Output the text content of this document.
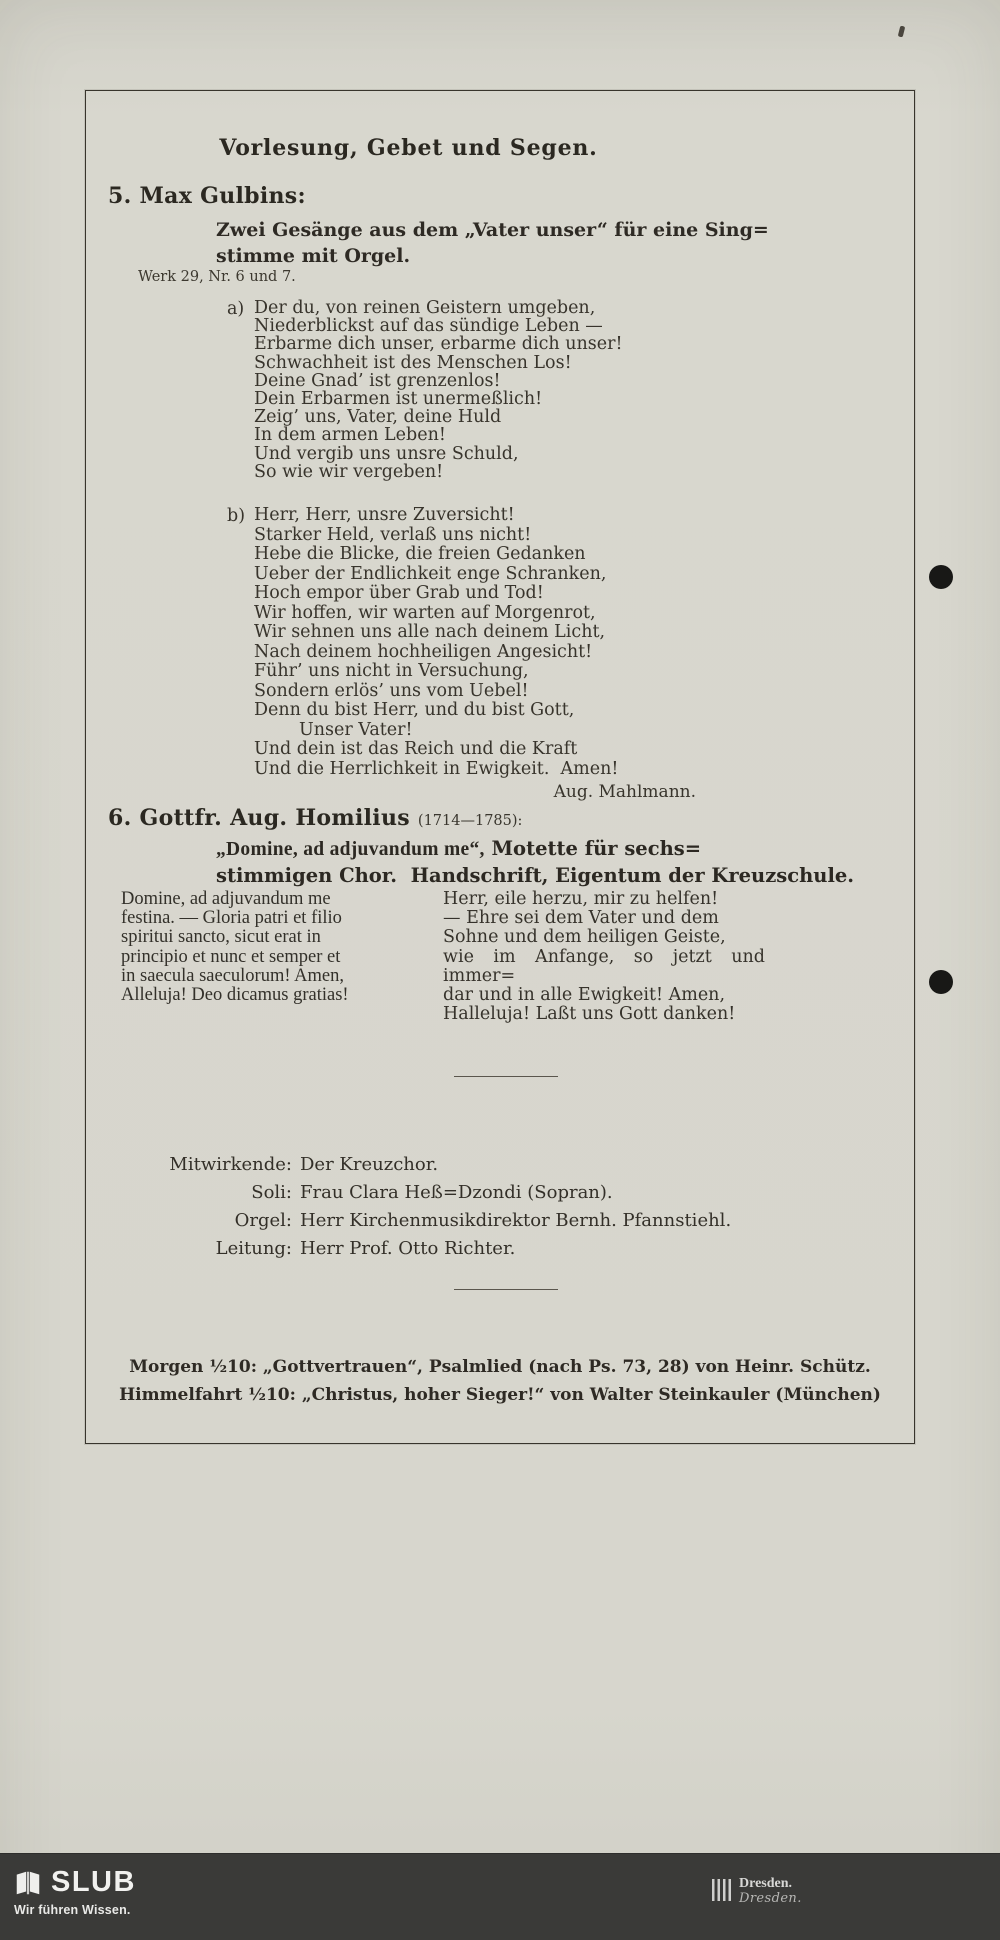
Vorlesung, Gebet und Segen.
5. Max Gulbins:
Zwei Gesänge aus dem „Vater unser“ für eine Sing=
stimme mit Orgel.
Werk 29, Nr. 6 und 7.
a) Der du, von reinen Geistern umgeben,
Niederblickst auf das sündige Leben —
Erbarme dich unser, erbarme dich unser!
Schwachheit ist des Menschen Los!
Deine Gnad’ ist grenzenlos!
Dein Erbarmen ist unermeßlich!
Zeig’ uns, Vater, deine Huld
In dem armen Leben!
Und vergib uns unsre Schuld,
So wie wir vergeben!
b) Herr, Herr, unsre Zuversicht!
Starker Held, verlaß uns nicht!
Hebe die Blicke, die freien Gedanken
Ueber der Endlichkeit enge Schranken,
Hoch empor über Grab und Tod!
Wir hoffen, wir warten auf Morgenrot,
Wir sehnen uns alle nach deinem Licht,
Nach deinem hochheiligen Angesicht!
Führ’ uns nicht in Versuchung,
Sondern erlös’ uns vom Uebel!
Denn du bist Herr, und du bist Gott,
Unser Vater!
Und dein ist das Reich und die Kraft
Und die Herrlichkeit in Ewigkeit.  Amen!
Aug. Mahlmann.
6. Gottfr. Aug. Homilius (1714—1785):
„Domine, ad adjuvandum me“, Motette für sechs=
stimmigen Chor.  Handschrift, Eigentum der Kreuzschule.
Domine, ad adjuvandum me
festina. — Gloria patri et filio
spiritui sancto, sicut erat in
principio et nunc et semper et
in saecula saeculorum! Amen,
Alleluja! Deo dicamus gratias!
Herr, eile herzu, mir zu helfen!
— Ehre sei dem Vater und dem
Sohne und dem heiligen Geiste,
wie im Anfange, so jetzt und immer=
dar und in alle Ewigkeit! Amen,
Halleluja! Laßt uns Gott danken!
Mitwirkende: Der Kreuzchor.
Soli: Frau Clara Heß=Dzondi (Sopran).
Orgel: Herr Kirchenmusikdirektor Bernh. Pfannstiehl.
Leitung: Herr Prof. Otto Richter.
Morgen ½10: „Gottvertrauen“, Psalmlied (nach Ps. 73, 28) von Heinr. Schütz.
Himmelfahrt ½10: „Christus, hoher Sieger!“ von Walter Steinkauler (München)
SLUB
Wir führen Wissen.
Dresden.
Dresden.
